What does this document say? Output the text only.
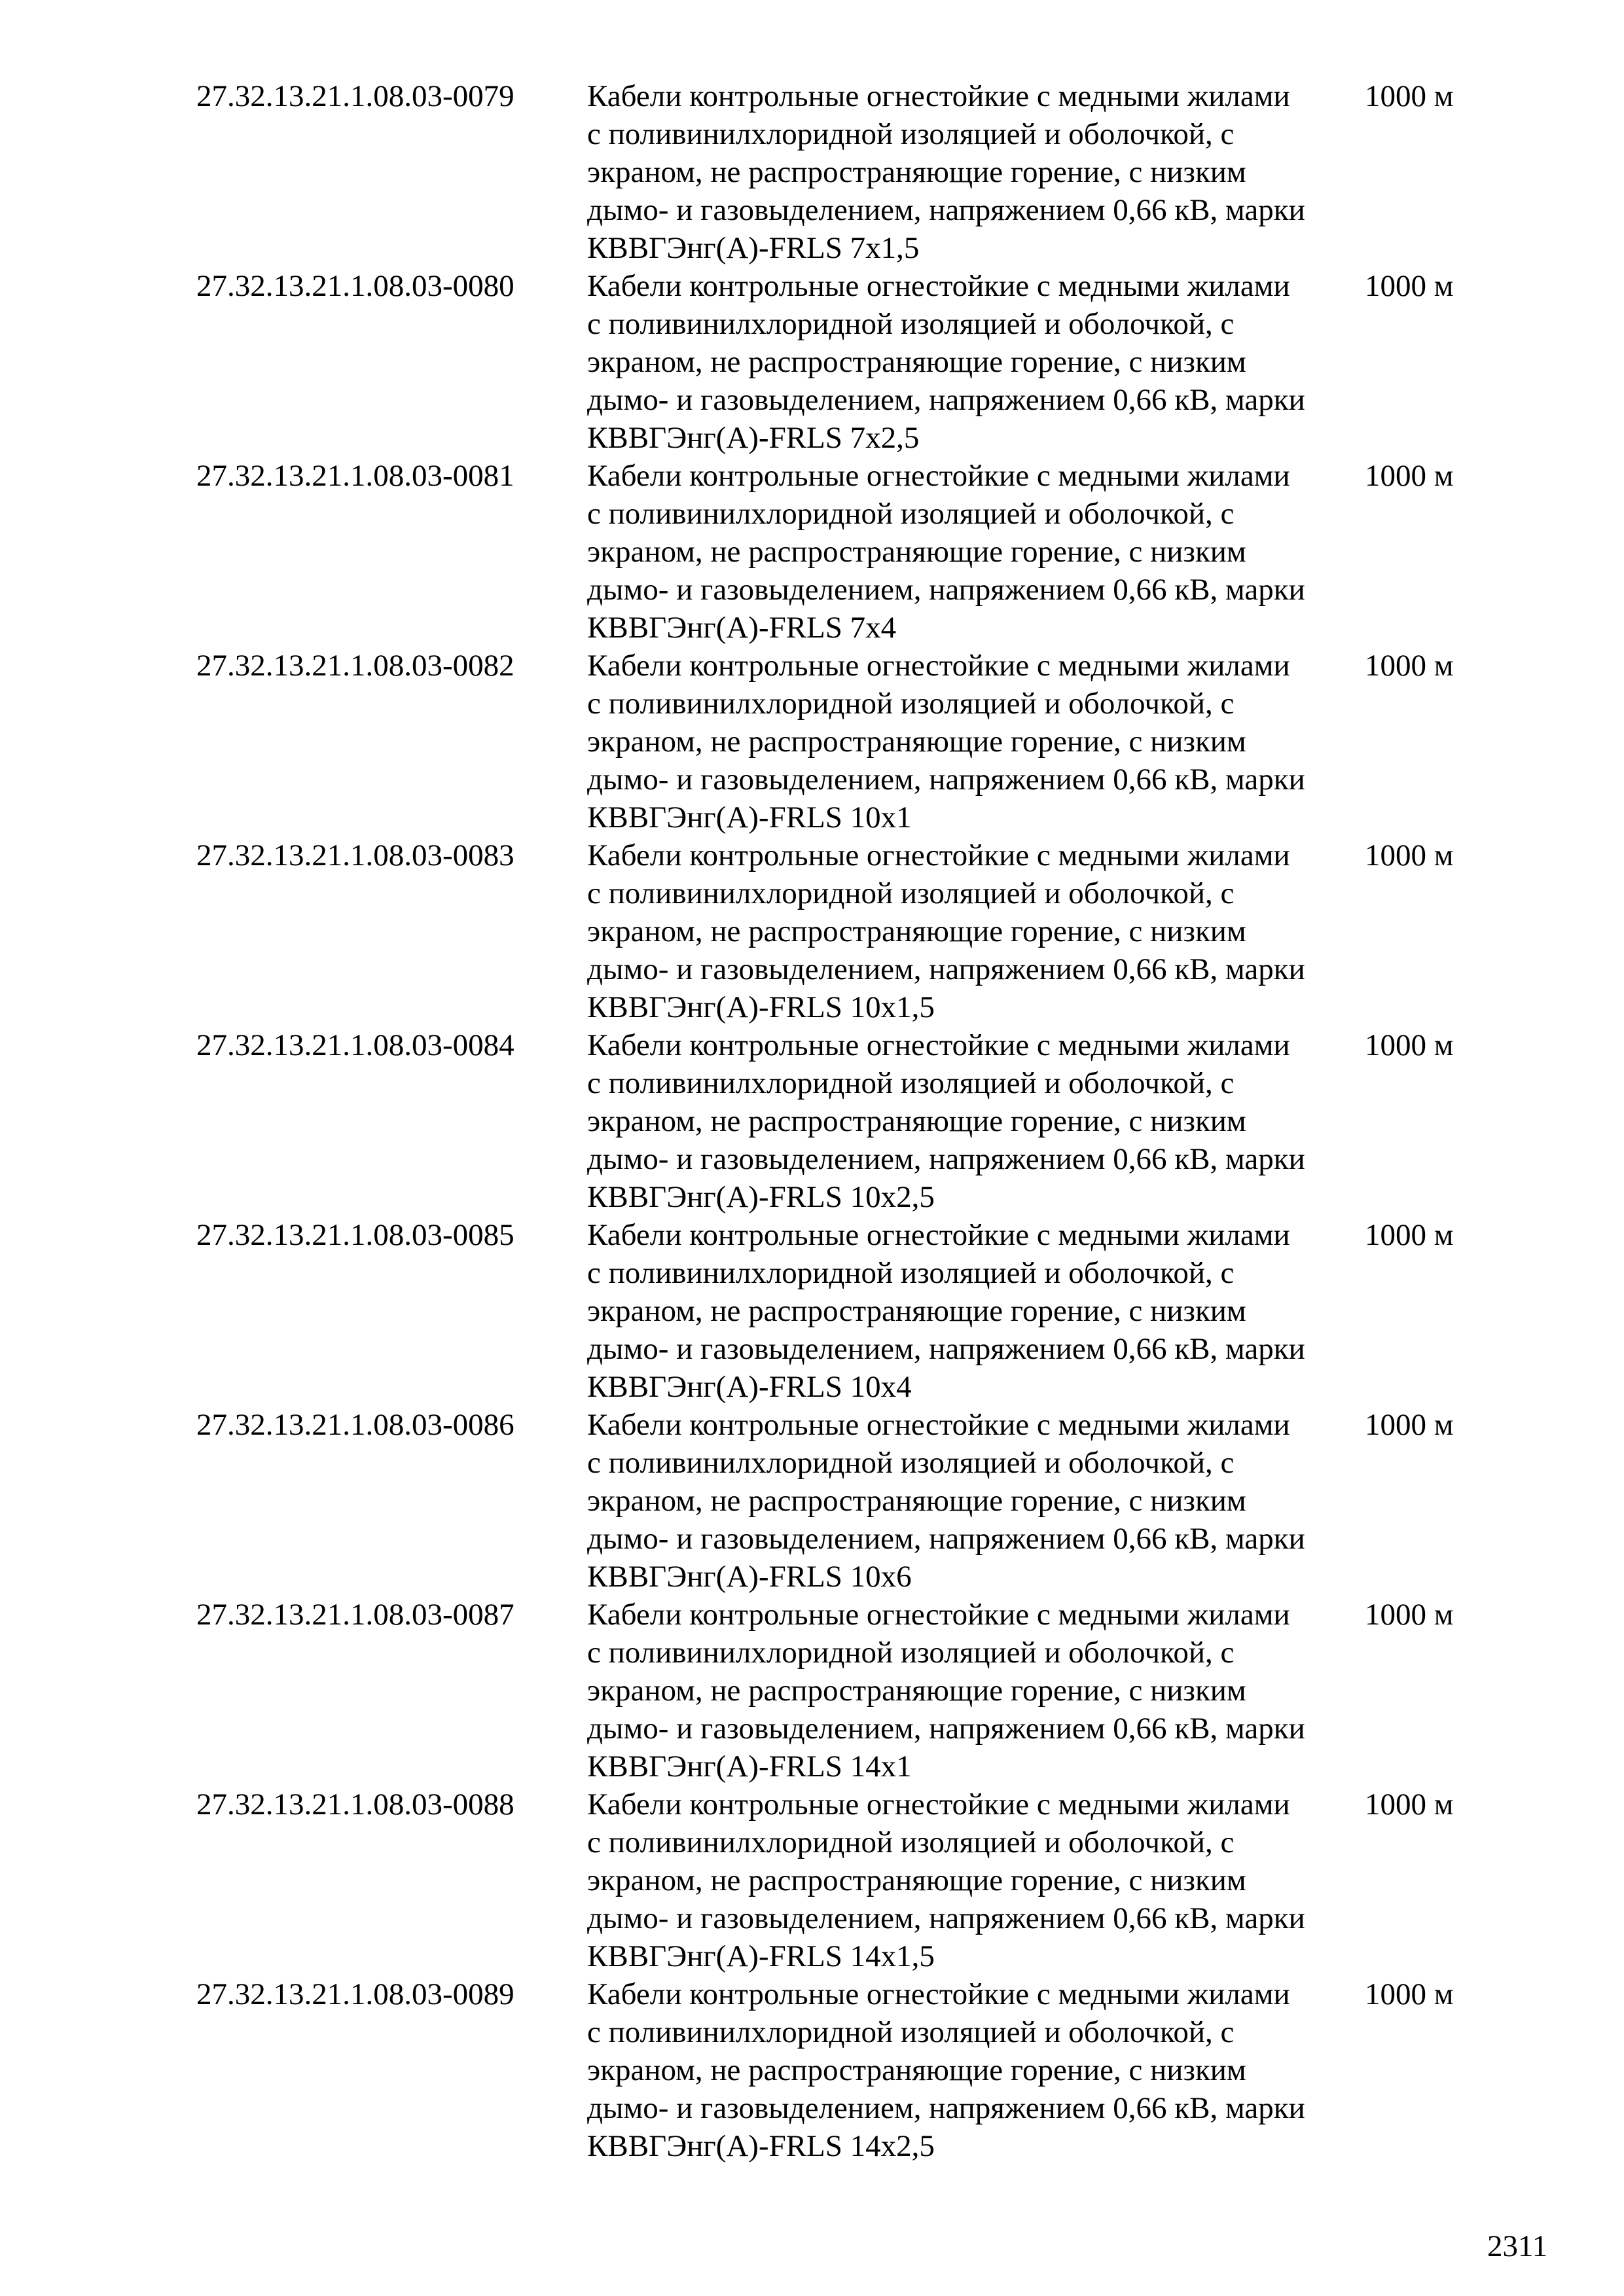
27.32.13.21.1.08.03-0079 Кабели контрольные огнестойкие с медными жилами
с поливинилхлоридной изоляцией и оболочкой, с
экраном, не распространяющие горение, с низким
дымо- и газовыделением, напряжением 0,66 кВ, марки
КВВГЭнг(А)-FRLS 7х1,5
1000 м
27.32.13.21.1.08.03-0080 Кабели контрольные огнестойкие с медными жилами
с поливинилхлоридной изоляцией и оболочкой, с
экраном, не распространяющие горение, с низким
дымо- и газовыделением, напряжением 0,66 кВ, марки
КВВГЭнг(А)-FRLS 7х2,5
1000 м
27.32.13.21.1.08.03-0081 Кабели контрольные огнестойкие с медными жилами
с поливинилхлоридной изоляцией и оболочкой, с
экраном, не распространяющие горение, с низким
дымо- и газовыделением, напряжением 0,66 кВ, марки
КВВГЭнг(А)-FRLS 7х4
1000 м
27.32.13.21.1.08.03-0082 Кабели контрольные огнестойкие с медными жилами
с поливинилхлоридной изоляцией и оболочкой, с
экраном, не распространяющие горение, с низким
дымо- и газовыделением, напряжением 0,66 кВ, марки
КВВГЭнг(А)-FRLS 10х1
1000 м
27.32.13.21.1.08.03-0083 Кабели контрольные огнестойкие с медными жилами
с поливинилхлоридной изоляцией и оболочкой, с
экраном, не распространяющие горение, с низким
дымо- и газовыделением, напряжением 0,66 кВ, марки
КВВГЭнг(А)-FRLS 10х1,5
1000 м
27.32.13.21.1.08.03-0084 Кабели контрольные огнестойкие с медными жилами
с поливинилхлоридной изоляцией и оболочкой, с
экраном, не распространяющие горение, с низким
дымо- и газовыделением, напряжением 0,66 кВ, марки
КВВГЭнг(А)-FRLS 10х2,5
1000 м
27.32.13.21.1.08.03-0085 Кабели контрольные огнестойкие с медными жилами
с поливинилхлоридной изоляцией и оболочкой, с
экраном, не распространяющие горение, с низким
дымо- и газовыделением, напряжением 0,66 кВ, марки
КВВГЭнг(А)-FRLS 10х4
1000 м
27.32.13.21.1.08.03-0086 Кабели контрольные огнестойкие с медными жилами
с поливинилхлоридной изоляцией и оболочкой, с
экраном, не распространяющие горение, с низким
дымо- и газовыделением, напряжением 0,66 кВ, марки
КВВГЭнг(А)-FRLS 10х6
1000 м
27.32.13.21.1.08.03-0087 Кабели контрольные огнестойкие с медными жилами
с поливинилхлоридной изоляцией и оболочкой, с
экраном, не распространяющие горение, с низким
дымо- и газовыделением, напряжением 0,66 кВ, марки
КВВГЭнг(А)-FRLS 14х1
1000 м
27.32.13.21.1.08.03-0088 Кабели контрольные огнестойкие с медными жилами
с поливинилхлоридной изоляцией и оболочкой, с
экраном, не распространяющие горение, с низким
дымо- и газовыделением, напряжением 0,66 кВ, марки
КВВГЭнг(А)-FRLS 14х1,5
1000 м
27.32.13.21.1.08.03-0089 Кабели контрольные огнестойкие с медными жилами
с поливинилхлоридной изоляцией и оболочкой, с
экраном, не распространяющие горение, с низким
дымо- и газовыделением, напряжением 0,66 кВ, марки
КВВГЭнг(А)-FRLS 14х2,5
1000 м
2311
